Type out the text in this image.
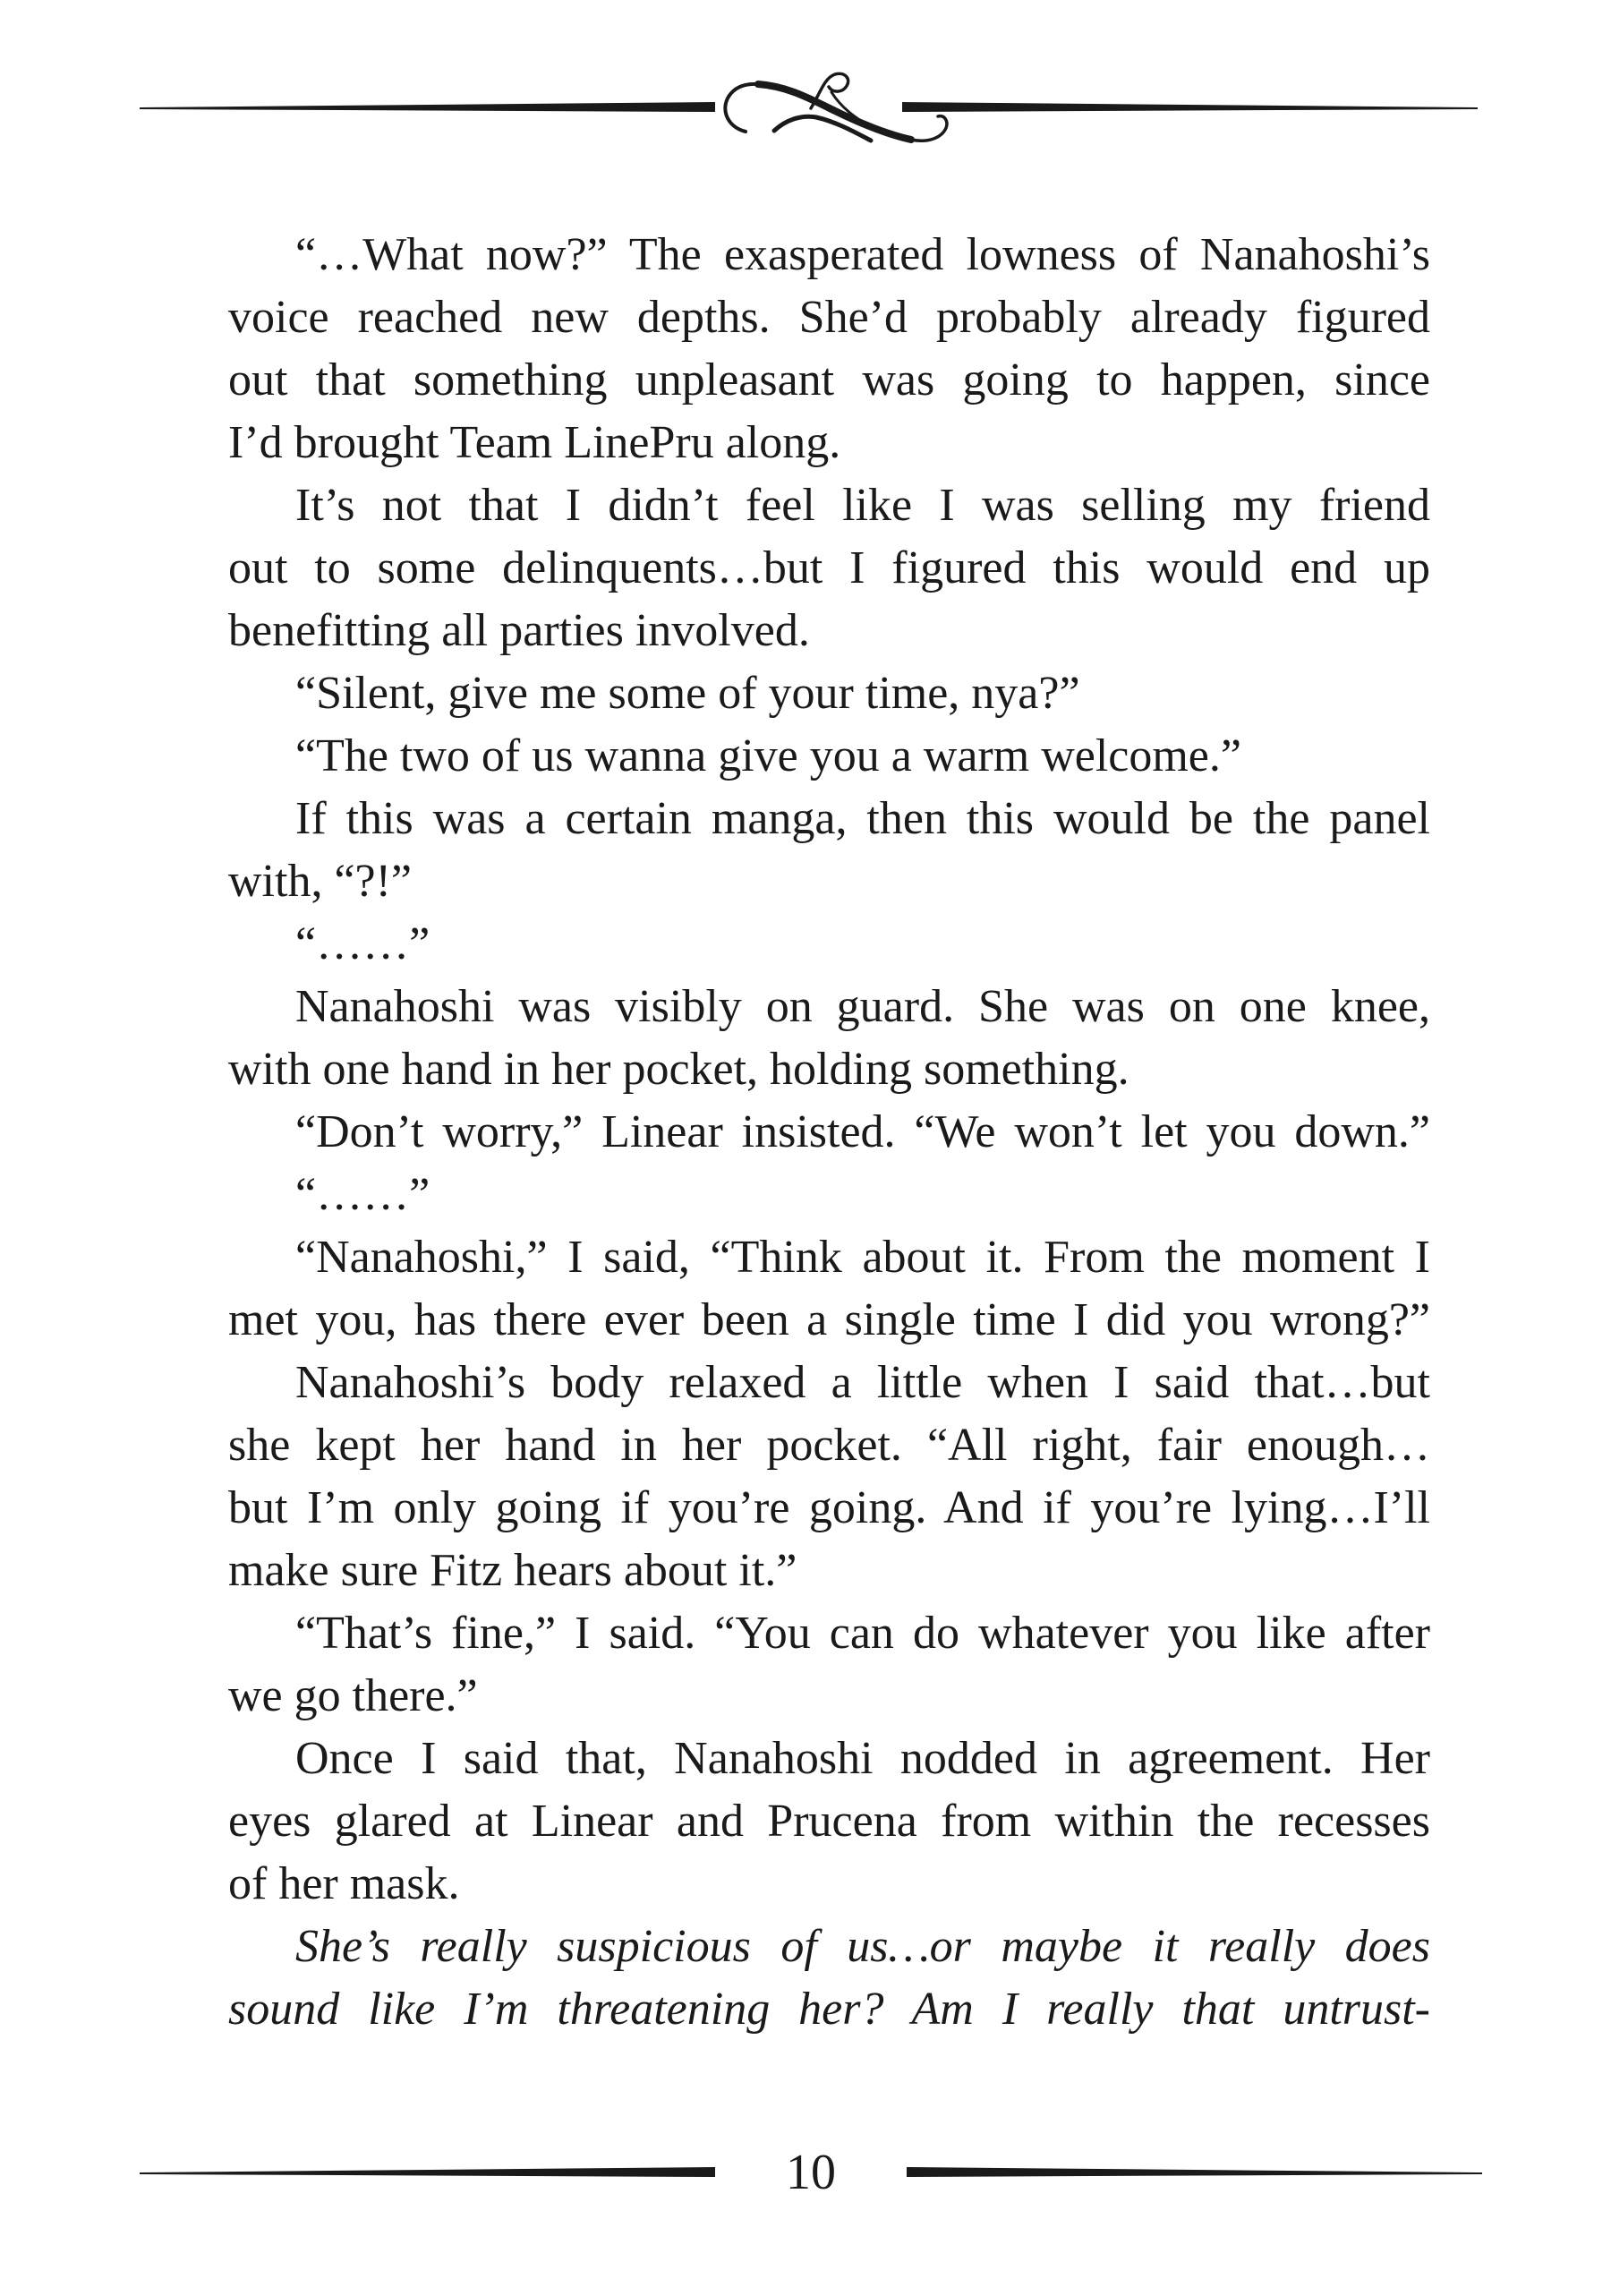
“…What now?” The exasperated lowness of Nanahoshi’s
voice reached new depths. She’d probably already figured
out that something unpleasant was going to happen, since
I’d brought Team LinePru along.

It’s not that I didn’t feel like I was selling my friend
out to some delinquents…but I figured this would end up
benefitting all parties involved.

“Silent, give me some of your time, nya?”

“The two of us wanna give you a warm welcome.”

If this was a certain manga, then this would be the panel
with, “?!”

“……”

Nanahoshi was visibly on guard. She was on one knee,
with one hand in her pocket, holding something.

“Don’t worry,” Linear insisted. “We won’t let you down.”

“……”

“Nanahoshi,” I said, “Think about it. From the moment I
met you, has there ever been a single time I did you wrong?”

Nanahoshi’s body relaxed a little when I said that…but
she kept her hand in her pocket. “All right, fair enough…
but I’m only going if you’re going. And if you’re lying…I’ll
make sure Fitz hears about it.”

“That’s fine,” I said. “You can do whatever you like after
we go there.”

Once I said that, Nanahoshi nodded in agreement. Her
eyes glared at Linear and Prucena from within the recesses
of her mask.

She’s really suspicious of us…or maybe it really does
sound like I’m threatening her? Am I really that untrust-

10
